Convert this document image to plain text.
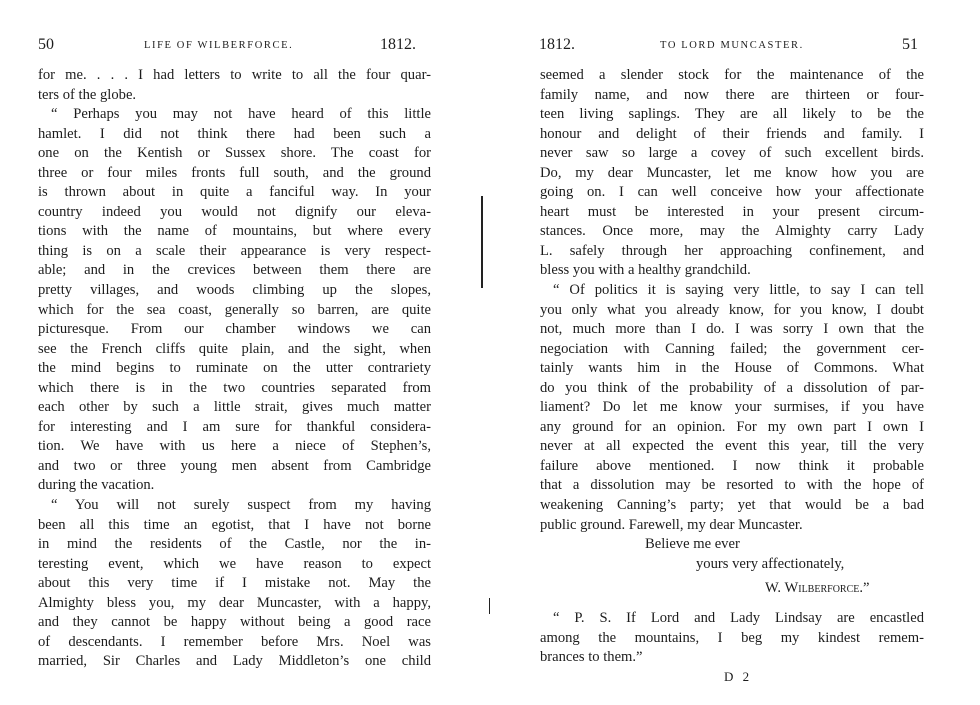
50	LIFE OF WILBERFORCE.	1812.
for me. . . . I had letters to write to all the four quar-
ters of the globe.
“ Perhaps you may not have heard of this little
hamlet. I did not think there had been such a
one on the Kentish or Sussex shore. The coast for
three or four miles fronts full south, and the ground
is thrown about in quite a fanciful way. In your
country indeed you would not dignify our eleva-
tions with the name of mountains, but where every
thing is on a scale their appearance is very respect-
able; and in the crevices between them there are
pretty villages, and woods climbing up the slopes,
which for the sea coast, generally so barren, are quite
picturesque. From our chamber windows we can
see the French cliffs quite plain, and the sight, when
the mind begins to ruminate on the utter contrariety
which there is in the two countries separated from
each other by such a little strait, gives much matter
for interesting and I am sure for thankful considera-
tion. We have with us here a niece of Stephen’s,
and two or three young men absent from Cambridge
during the vacation.
“ You will not surely suspect from my having
been all this time an egotist, that I have not borne
in mind the residents of the Castle, nor the in-
teresting event, which we have reason to expect
about this very time if I mistake not. May the
Almighty bless you, my dear Muncaster, with a happy,
and they cannot be happy without being a good race
of descendants. I remember before Mrs. Noel was
married, Sir Charles and Lady Middleton’s one child
1812.	TO LORD MUNCASTER.	51
seemed a slender stock for the maintenance of the
family name, and now there are thirteen or four-
teen living saplings. They are all likely to be the
honour and delight of their friends and family. I
never saw so large a covey of such excellent birds.
Do, my dear Muncaster, let me know how you are
going on. I can well conceive how your affectionate
heart must be interested in your present circum-
stances. Once more, may the Almighty carry Lady
L. safely through her approaching confinement, and
bless you with a healthy grandchild.
“ Of politics it is saying very little, to say I can tell
you only what you already know, for you know, I doubt
not, much more than I do. I was sorry I own that the
negociation with Canning failed; the government cer-
tainly wants him in the House of Commons. What
do you think of the probability of a dissolution of par-
liament? Do let me know your surmises, if you have
any ground for an opinion. For my own part I own I
never at all expected the event this year, till the very
failure above mentioned. I now think it probable
that a dissolution may be resorted to with the hope of
weakening Canning’s party; yet that would be a bad
public ground. Farewell, my dear Muncaster.
Believe me ever
yours very affectionately,
W. Wilberforce.”
“ P. S. If Lord and Lady Lindsay are encastled
among the mountains, I beg my kindest remem-
brances to them.”
D 2
